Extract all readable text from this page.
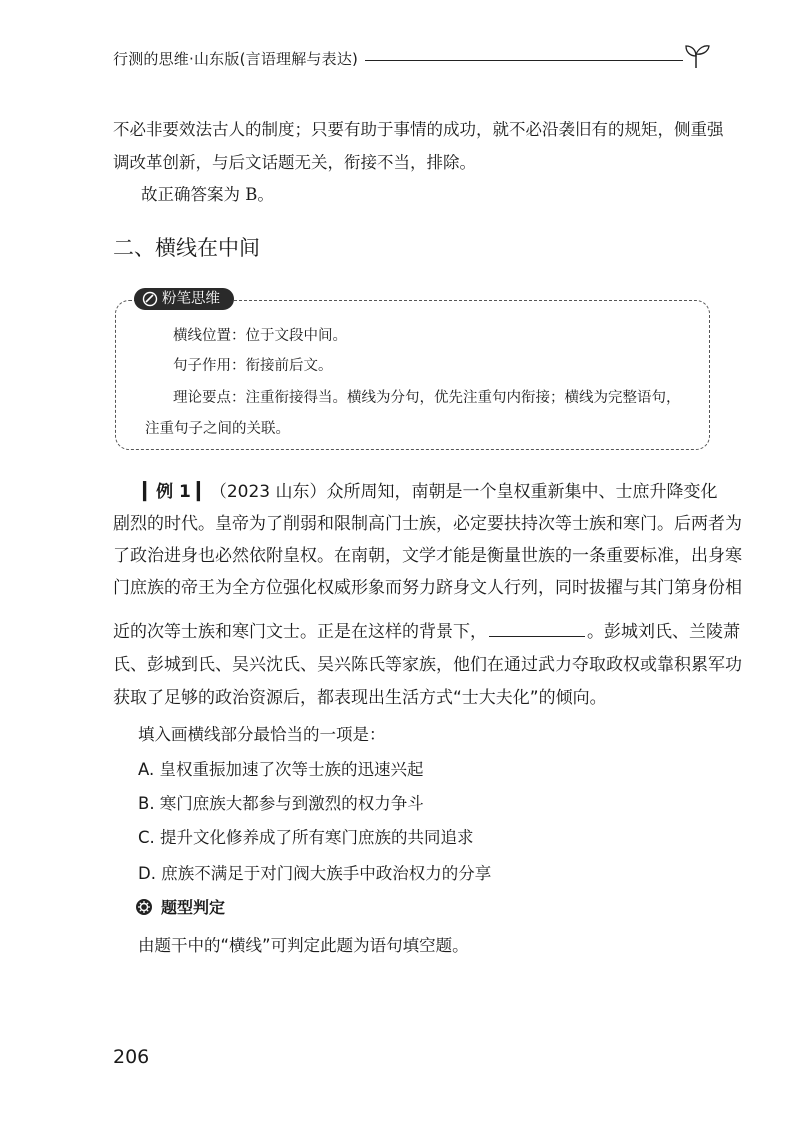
行测的思维·山东版(言语理解与表达)
不必非要效法古人的制度；只要有助于事情的成功，就不必沿袭旧有的规矩，侧重强
调改革创新，与后文话题无关，衔接不当，排除。
故正确答案为 B。
二、横线在中间
粉笔思维
横线位置：位于文段中间。
句子作用：衔接前后文。
理论要点：注重衔接得当。横线为分句，优先注重句内衔接；横线为完整语句，
注重句子之间的关联。
▎例 1 ▎（2023 山东）众所周知，南朝是一个皇权重新集中、士庶升降变化
剧烈的时代。皇帝为了削弱和限制高门士族，必定要扶持次等士族和寒门。后两者为
了政治进身也必然依附皇权。在南朝，文学才能是衡量世族的一条重要标准，出身寒
门庶族的帝王为全方位强化权威形象而努力跻身文人行列，同时拔擢与其门第身份相
近的次等士族和寒门文士。正是在这样的背景下，	。彭城刘氏、兰陵萧
氏、彭城到氏、吴兴沈氏、吴兴陈氏等家族，他们在通过武力夺取政权或靠积累军功
获取了足够的政治资源后，都表现出生活方式“士大夫化”的倾向。
填入画横线部分最恰当的一项是：
A. 皇权重振加速了次等士族的迅速兴起
B. 寒门庶族大都参与到激烈的权力争斗
C. 提升文化修养成了所有寒门庶族的共同追求
D. 庶族不满足于对门阀大族手中政治权力的分享
题型判定
由题干中的“横线”可判定此题为语句填空题。
206
